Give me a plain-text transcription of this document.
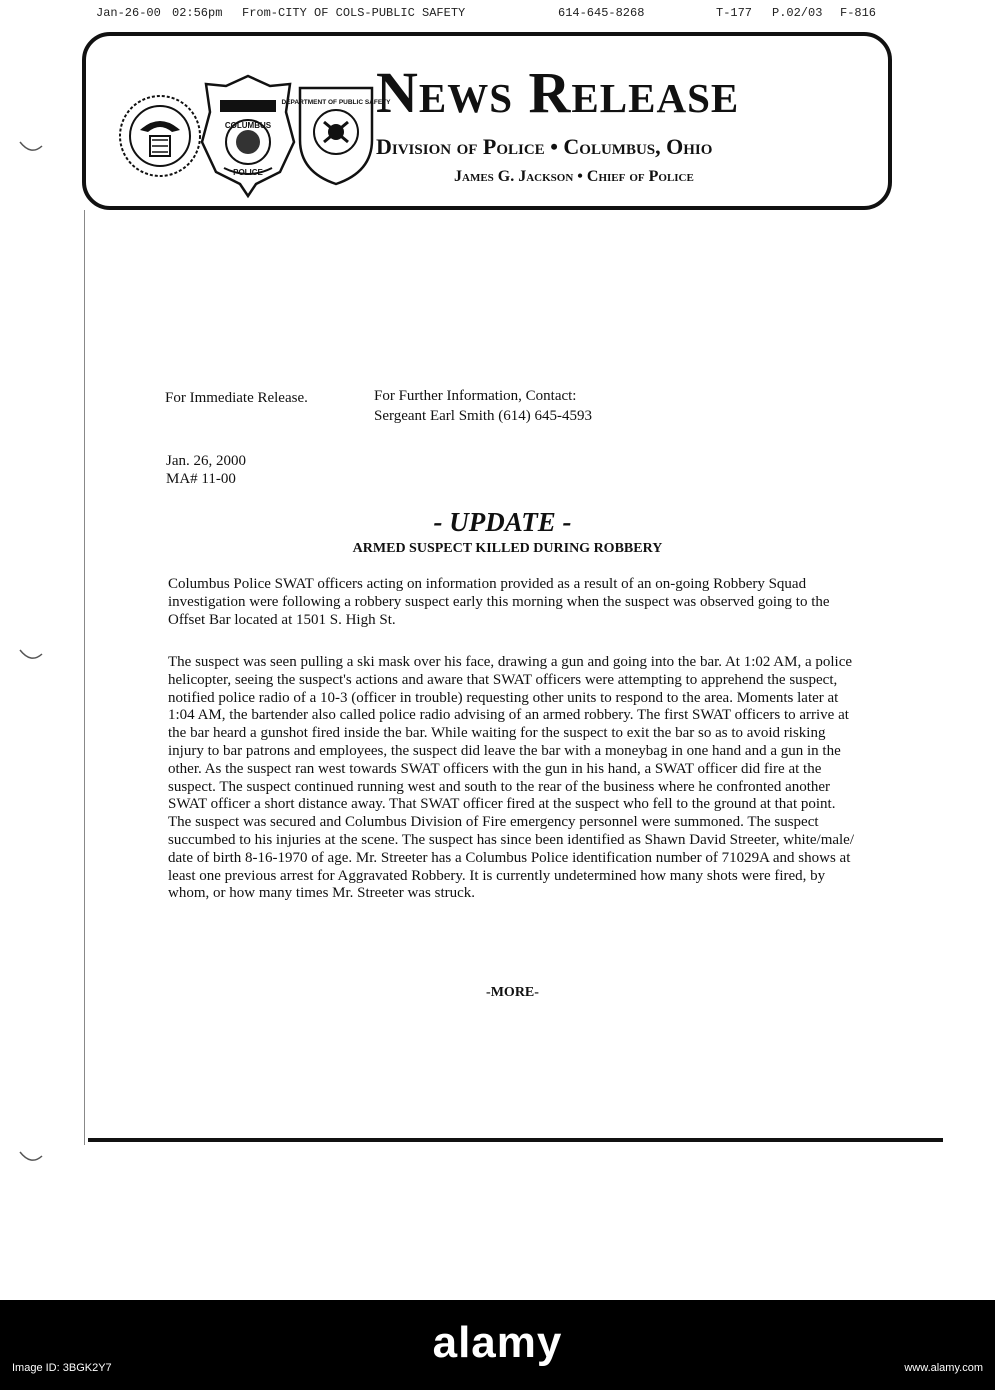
Jan-26-00 02:56pm From-CITY OF COLS-PUBLIC SAFETY	614-645-8268	T-177 P.02/03 F-816
COLUMBUS
POLICE
DEPARTMENT OF PUBLIC SAFETY
News Release
Division of Police • Columbus, Ohio
James G. Jackson • Chief of Police
For Immediate Release.	For Further Information, Contact:
Sergeant Earl Smith (614) 645-4593
Jan. 26, 2000
MA# 11-00
- UPDATE -
ARMED SUSPECT KILLED DURING ROBBERY

Columbus Police SWAT officers acting on information provided as a result of an on-going Robbery Squad investigation were following a robbery suspect early this morning when the suspect was observed going to the Offset Bar located at 1501 S. High St.

The suspect was seen pulling a ski mask over his face, drawing a gun and going into the bar. At 1:02 AM, a police helicopter, seeing the suspect's actions and aware that SWAT officers were attempting to apprehend the suspect, notified police radio of a 10-3 (officer in trouble) requesting other units to respond to the area. Moments later at 1:04 AM, the bartender also called police radio advising of an armed robbery. The first SWAT officers to arrive at the bar heard a gunshot fired inside the bar. While waiting for the suspect to exit the bar so as to avoid risking injury to bar patrons and employees, the suspect did leave the bar with a moneybag in one hand and a gun in the other. As the suspect ran west towards SWAT officers with the gun in his hand, a SWAT officer did fire at the suspect. The suspect continued running west and south to the rear of the business where he confronted another SWAT officer a short distance away. That SWAT officer fired at the suspect who fell to the ground at that point. The suspect was secured and Columbus Division of Fire emergency personnel were summoned. The suspect succumbed to his injuries at the scene. The suspect has since been identified as Shawn David Streeter, white/male/ date of birth 8-16-1970 of age. Mr. Streeter has a Columbus Police identification number of 71029A and shows at least one previous arrest for Aggravated Robbery. It is currently undetermined how many shots were fired, by whom, or how many times Mr. Streeter was struck.

-MORE-
alamy
Image ID: 3BGK2Y7	www.alamy.com
